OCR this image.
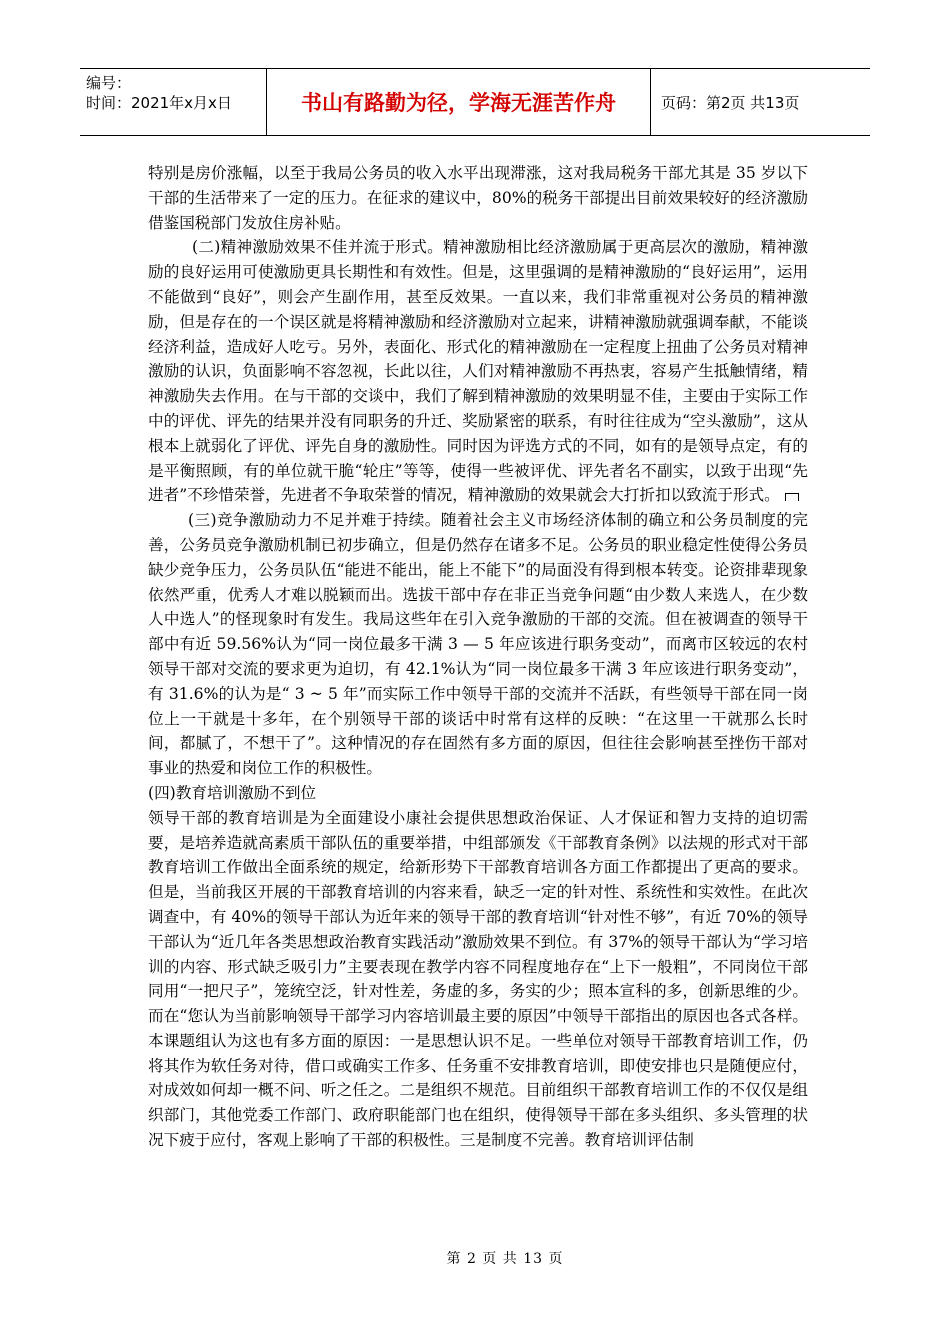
编号：
时间：2021年x月x日	书山有路勤为径，学海无涯苦作舟	页码：第2页 共13页

特别是房价涨幅，以至于我局公务员的收入水平出现滞涨，这对我局税务干部尤其是 35 岁以下干部的生活带来了一定的压力。在征求的建议中，80%的税务干部提出目前效果较好的经济激励借鉴国税部门发放住房补贴。

(二)精神激励效果不佳并流于形式。精神激励相比经济激励属于更高层次的激励，精神激励的良好运用可使激励更具长期性和有效性。但是，这里强调的是精神激励的“良好运用”，运用不能做到“良好”，则会产生副作用，甚至反效果。一直以来，我们非常重视对公务员的精神激励，但是存在的一个误区就是将精神激励和经济激励对立起来，讲精神激励就强调奉献，不能谈经济利益，造成好人吃亏。另外，表面化、形式化的精神激励在一定程度上扭曲了公务员对精神激励的认识，负面影响不容忽视，长此以往，人们对精神激励不再热衷，容易产生抵触情绪，精神激励失去作用。在与干部的交谈中，我们了解到精神激励的效果明显不佳，主要由于实际工作中的评优、评先的结果并没有同职务的升迁、奖励紧密的联系，有时往往成为“空头激励”，这从根本上就弱化了评优、评先自身的激励性。同时因为评选方式的不同，如有的是领导点定，有的是平衡照顾，有的单位就干脆“轮庄”等等，使得一些被评优、评先者名不副实，以致于出现“先进者”不珍惜荣誉，先进者不争取荣誉的情况，精神激励的效果就会大打折扣以致流于形式。

(三)竞争激励动力不足并难于持续。随着社会主义市场经济体制的确立和公务员制度的完善，公务员竞争激励机制已初步确立，但是仍然存在诸多不足。公务员的职业稳定性使得公务员缺少竞争压力，公务员队伍“能进不能出，能上不能下”的局面没有得到根本转变。论资排辈现象依然严重，优秀人才难以脱颖而出。选拔干部中存在非正当竞争问题“由少数人来选人，在少数人中选人”的怪现象时有发生。我局这些年在引入竞争激励的干部的交流。但在被调查的领导干部中有近 59.56%认为“同一岗位最多干满 3 — 5 年应该进行职务变动”，而离市区较远的农村领导干部对交流的要求更为迫切，有 42.1%认为“同一岗位最多干满 3 年应该进行职务变动”，有 31.6%的认为是“ 3 ~ 5 年”而实际工作中领导干部的交流并不活跃，有些领导干部在同一岗位上一干就是十多年，在个别领导干部的谈话中时常有这样的反映：“在这里一干就那么长时间，都腻了，不想干了”。这种情况的存在固然有多方面的原因，但往往会影响甚至挫伤干部对事业的热爱和岗位工作的积极性。

(四)教育培训激励不到位

领导干部的教育培训是为全面建设小康社会提供思想政治保证、人才保证和智力支持的迫切需要，是培养造就高素质干部队伍的重要举措，中组部颁发《干部教育条例》以法规的形式对干部教育培训工作做出全面系统的规定，给新形势下干部教育培训各方面工作都提出了更高的要求。但是，当前我区开展的干部教育培训的内容来看，缺乏一定的针对性、系统性和实效性。在此次调查中，有 40%的领导干部认为近年来的领导干部的教育培训“针对性不够”，有近 70%的领导干部认为“近几年各类思想政治教育实践活动”激励效果不到位。有 37%的领导干部认为“学习培训的内容、形式缺乏吸引力”主要表现在教学内容不同程度地存在“上下一般粗”，不同岗位干部同用“一把尺子”，笼统空泛，针对性差，务虚的多，务实的少；照本宣科的多，创新思维的少。而在“您认为当前影响领导干部学习内容培训最主要的原因”中领导干部指出的原因也各式各样。本课题组认为这也有多方面的原因：一是思想认识不足。一些单位对领导干部教育培训工作，仍将其作为软任务对待，借口或确实工作多、任务重不安排教育培训，即使安排也只是随便应付，对成效如何却一概不问、听之任之。二是组织不规范。目前组织干部教育培训工作的不仅仅是组织部门，其他党委工作部门、政府职能部门也在组织，使得领导干部在多头组织、多头管理的状况下疲于应付，客观上影响了干部的积极性。三是制度不完善。教育培训评估制

第 2 页 共 13 页
